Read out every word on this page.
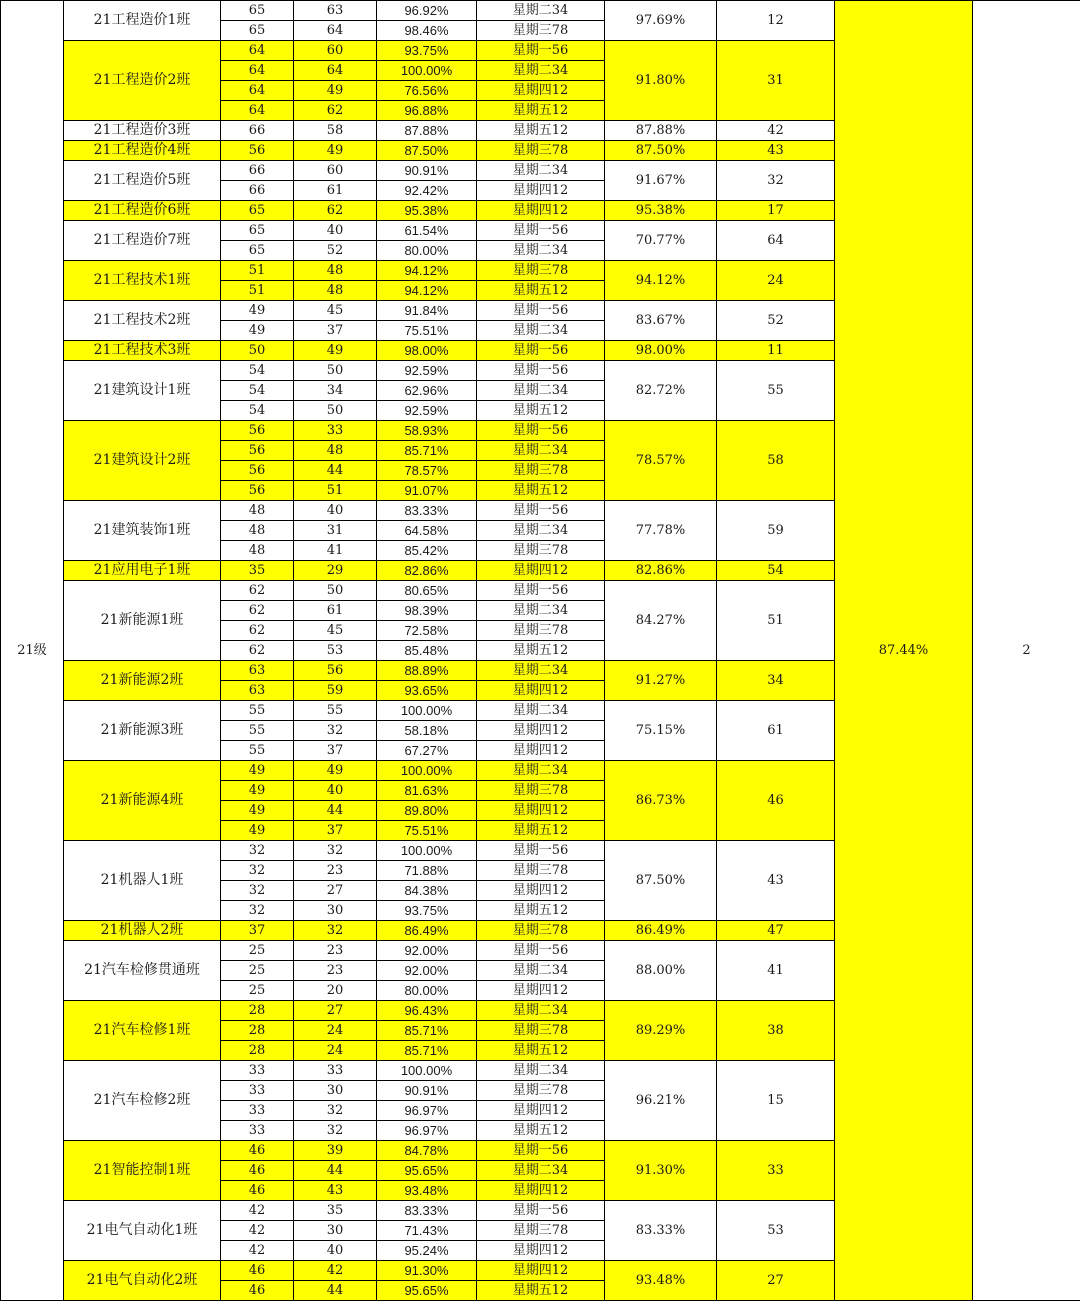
21级	21工程造价1班	65	63	96.92%	星期二34	97.69%	12	87.44%	2
		65	64	98.46%	星期三78				
	21工程造价2班	64	60	93.75%	星期一56	91.80%	31		
		64	64	100.00%	星期二34				
		64	49	76.56%	星期四12				
		64	62	96.88%	星期五12				
	21工程造价3班	66	58	87.88%	星期五12	87.88%	42		
	21工程造价4班	56	49	87.50%	星期三78	87.50%	43		
	21工程造价5班	66	60	90.91%	星期二34	91.67%	32		
		66	61	92.42%	星期四12				
	21工程造价6班	65	62	95.38%	星期四12	95.38%	17		
	21工程造价7班	65	40	61.54%	星期一56	70.77%	64		
		65	52	80.00%	星期二34				
	21工程技术1班	51	48	94.12%	星期三78	94.12%	24		
		51	48	94.12%	星期五12				
	21工程技术2班	49	45	91.84%	星期一56	83.67%	52		
		49	37	75.51%	星期二34				
	21工程技术3班	50	49	98.00%	星期一56	98.00%	11		
	21建筑设计1班	54	50	92.59%	星期一56	82.72%	55		
		54	34	62.96%	星期二34				
		54	50	92.59%	星期五12				
	21建筑设计2班	56	33	58.93%	星期一56	78.57%	58		
		56	48	85.71%	星期二34				
		56	44	78.57%	星期三78				
		56	51	91.07%	星期五12				
	21建筑装饰1班	48	40	83.33%	星期一56	77.78%	59		
		48	31	64.58%	星期二34				
		48	41	85.42%	星期三78				
	21应用电子1班	35	29	82.86%	星期四12	82.86%	54		
	21新能源1班	62	50	80.65%	星期一56	84.27%	51		
		62	61	98.39%	星期二34				
		62	45	72.58%	星期三78				
		62	53	85.48%	星期五12				
	21新能源2班	63	56	88.89%	星期二34	91.27%	34		
		63	59	93.65%	星期四12				
	21新能源3班	55	55	100.00%	星期二34	75.15%	61		
		55	32	58.18%	星期四12				
		55	37	67.27%	星期四12				
	21新能源4班	49	49	100.00%	星期二34	86.73%	46		
		49	40	81.63%	星期三78				
		49	44	89.80%	星期四12				
		49	37	75.51%	星期五12				
	21机器人1班	32	32	100.00%	星期一56	87.50%	43		
		32	23	71.88%	星期三78				
		32	27	84.38%	星期四12				
		32	30	93.75%	星期五12				
	21机器人2班	37	32	86.49%	星期三78	86.49%	47		
	21汽车检修贯通班	25	23	92.00%	星期一56	88.00%	41		
		25	23	92.00%	星期二34				
		25	20	80.00%	星期四12				
	21汽车检修1班	28	27	96.43%	星期二34	89.29%	38		
		28	24	85.71%	星期三78				
		28	24	85.71%	星期五12				
	21汽车检修2班	33	33	100.00%	星期二34	96.21%	15		
		33	30	90.91%	星期三78				
		33	32	96.97%	星期四12				
		33	32	96.97%	星期五12				
	21智能控制1班	46	39	84.78%	星期一56	91.30%	33		
		46	44	95.65%	星期二34				
		46	43	93.48%	星期四12				
	21电气自动化1班	42	35	83.33%	星期一56	83.33%	53		
		42	30	71.43%	星期三78				
		42	40	95.24%	星期四12				
	21电气自动化2班	46	42	91.30%	星期四12	93.48%	27		
		46	44	95.65%	星期五12				
